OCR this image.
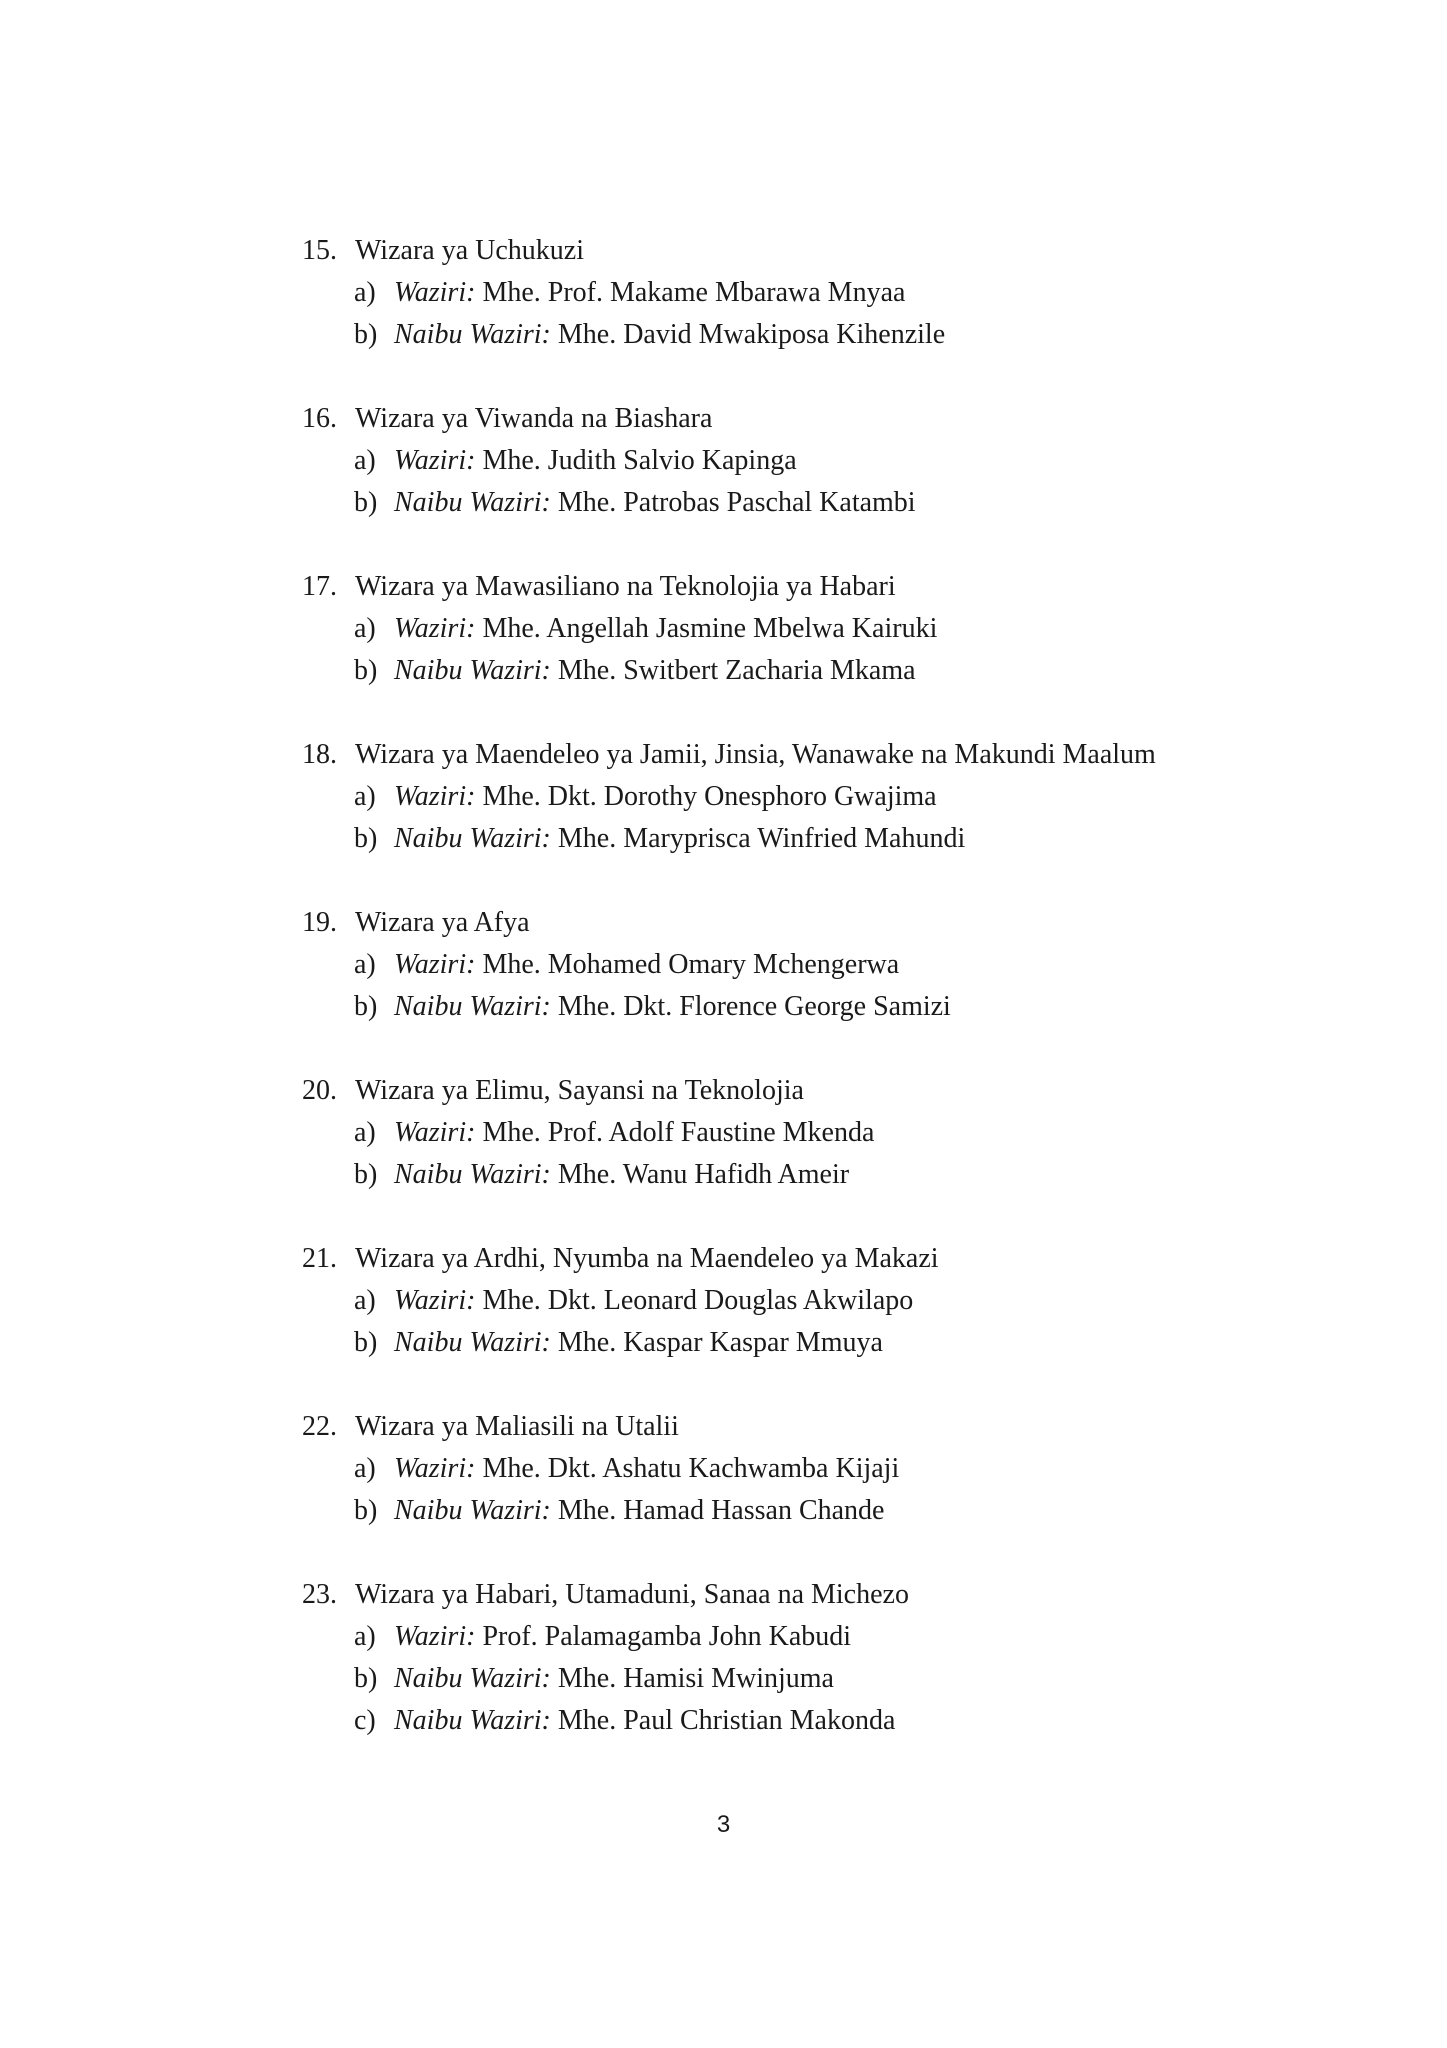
15. Wizara ya Uchukuzi
a) Waziri: Mhe. Prof. Makame Mbarawa Mnyaa
b) Naibu Waziri: Mhe. David Mwakiposa Kihenzile
16. Wizara ya Viwanda na Biashara
a) Waziri: Mhe. Judith Salvio Kapinga
b) Naibu Waziri: Mhe. Patrobas Paschal Katambi
17. Wizara ya Mawasiliano na Teknolojia ya Habari
a) Waziri: Mhe. Angellah Jasmine Mbelwa Kairuki
b) Naibu Waziri: Mhe. Switbert Zacharia Mkama
18. Wizara ya Maendeleo ya Jamii, Jinsia, Wanawake na Makundi Maalum
a) Waziri: Mhe. Dkt. Dorothy Onesphoro Gwajima
b) Naibu Waziri: Mhe. Maryprisca Winfried Mahundi
19. Wizara ya Afya
a) Waziri: Mhe. Mohamed Omary Mchengerwa
b) Naibu Waziri: Mhe. Dkt. Florence George Samizi
20. Wizara ya Elimu, Sayansi na Teknolojia
a) Waziri: Mhe. Prof. Adolf Faustine Mkenda
b) Naibu Waziri: Mhe. Wanu Hafidh Ameir
21. Wizara ya Ardhi, Nyumba na Maendeleo ya Makazi
a) Waziri: Mhe. Dkt. Leonard Douglas Akwilapo
b) Naibu Waziri: Mhe. Kaspar Kaspar Mmuya
22. Wizara ya Maliasili na Utalii
a) Waziri: Mhe. Dkt. Ashatu Kachwamba Kijaji
b) Naibu Waziri: Mhe. Hamad Hassan Chande
23. Wizara ya Habari, Utamaduni, Sanaa na Michezo
a) Waziri: Prof. Palamagamba John Kabudi
b) Naibu Waziri: Mhe. Hamisi Mwinjuma
c) Naibu Waziri: Mhe. Paul Christian Makonda
3
